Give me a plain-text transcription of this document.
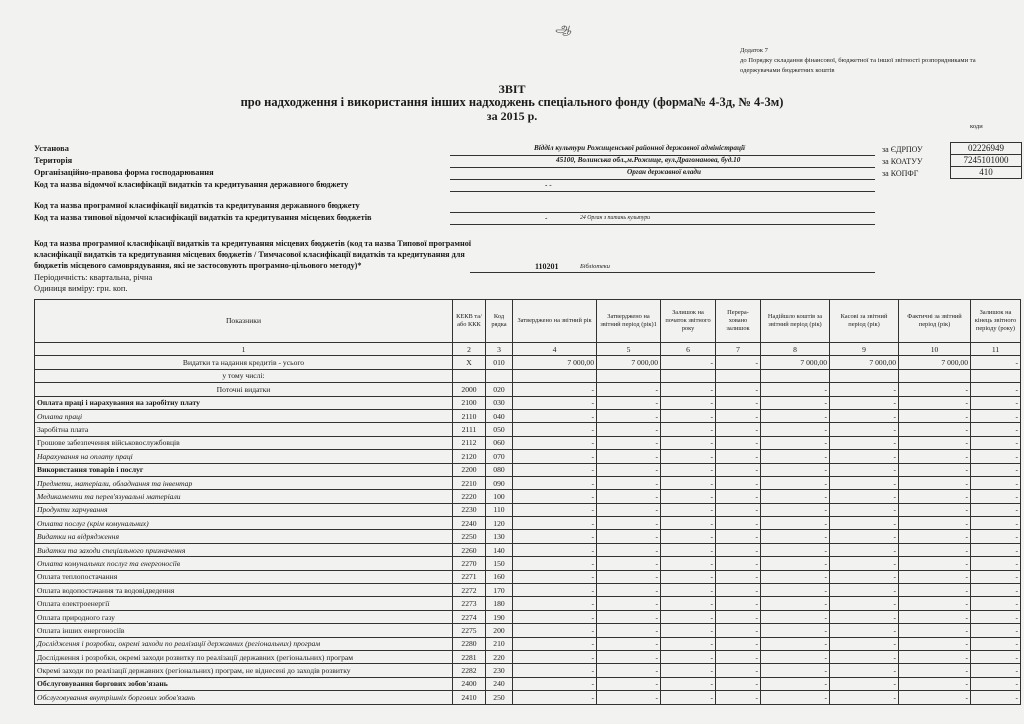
ஆ
Додаток 7
до Порядку складання фінансової, бюджетної та іншої звітності розпорядниками та
одержувачами бюджетних коштів
ЗВІТ
про надходження і використання інших надходжень спеціального фонду (форма№ 4-3д, № 4-3м)
за 2015 р.
коди
Установа	Відділ культури Рожищенської районної державної адміністрації	за ЄДРПОУ	02226949
Територія	45100, Волинська обл.,м.Рожище, вул.Драгоманова, буд.10	за КОАТУУ	7245101000
Організаційно-правова форма господарювання	Орган державної влади	за КОПФГ	410
Код та назва відомчої класифікації видатків та кредитування державного бюджету	- -
Код та назва програмної класифікації видатків та кредитування державного бюджету
Код та назва типової відомчої класифікації видатків та кредитування місцевих бюджетів	-	24 Орган з питань культури
Код та назва програмної класифікації видатків та кредитування місцевих бюджетів (код та назва Типової програмної класифікації видатків та кредитування місцевих бюджетів / Тимчасової класифікації видатків та кредитування для бюджетів місцевого самоврядування, які не застосовують програмно-цільового методу)*	110201	Бібліотеки
Періодичність: квартальна, річна
Одиниця виміру: грн. коп.
Показники	КЕКВ та/або ККК	Код рядка	Затверджено на звітний рік	Затверджено на звітний період (рік)1	Залишок на початок звітного року	Перера-ховано залишок	Надійшло коштів за звітний період (рік)	Касові за звітний період (рік)	Фактичні за звітний період (рік)	Залишок на кінець звітного періоду (року)
1	2	3	4	5	6	7	8	9	10	11
Видатки та надання кредитів - усього	X	010	7 000,00	7 000,00	-	-	7 000,00	7 000,00	7 000,00	-
у тому числі:										
Поточні видатки	2000	020	-	-	-	-	-	-	-	-
Оплата праці і нарахування на заробітну плату	2100	030	-	-	-	-	-	-	-	-
Оплата праці	2110	040	-	-	-	-	-	-	-	-
Заробітна плата	2111	050	-	-	-	-	-	-	-	-
Грошове забезпечення військовослужбовців	2112	060	-	-	-	-	-	-	-	-
Нарахування на оплату праці	2120	070	-	-	-	-	-	-	-	-
Використання товарів і послуг	2200	080	-	-	-	-	-	-	-	-
Предмети, матеріали, обладнання та інвентар	2210	090	-	-	-	-	-	-	-	-
Медикаменти та перев'язувальні матеріали	2220	100	-	-	-	-	-	-	-	-
Продукти харчування	2230	110	-	-	-	-	-	-	-	-
Оплата послуг (крім комунальних)	2240	120	-	-	-	-	-	-	-	-
Видатки на відрядження	2250	130	-	-	-	-	-	-	-	-
Видатки та заходи спеціального призначення	2260	140	-	-	-	-	-	-	-	-
Оплата комунальних послуг та енергоносіїв	2270	150	-	-	-	-	-	-	-	-
Оплата теплопостачання	2271	160	-	-	-	-	-	-	-	-
Оплата водопостачання та водовідведення	2272	170	-	-	-	-	-	-	-	-
Оплата електроенергії	2273	180	-	-	-	-	-	-	-	-
Оплата природного газу	2274	190	-	-	-	-	-	-	-	-
Оплата інших енергоносіїв	2275	200	-	-	-	-	-	-	-	-
Дослідження і розробки, окремі заходи по реалізації державних (регіональних) програм	2280	210	-	-	-	-	-	-	-	-
Дослідження і розробки, окремі заходи розвитку по реалізації державних (регіональних) програм	2281	220	-	-	-	-	-	-	-	-
Окремі заходи по реалізації державних (регіональних) програм, не віднесені до заходів розвитку	2282	230	-	-	-	-	-	-	-	-
Обслуговування боргових зобов'язань	2400	240	-	-	-	-	-	-	-	-
Обслуговування внутрішніх боргових зобов'язань	2410	250	-	-	-	-	-	-	-	-
